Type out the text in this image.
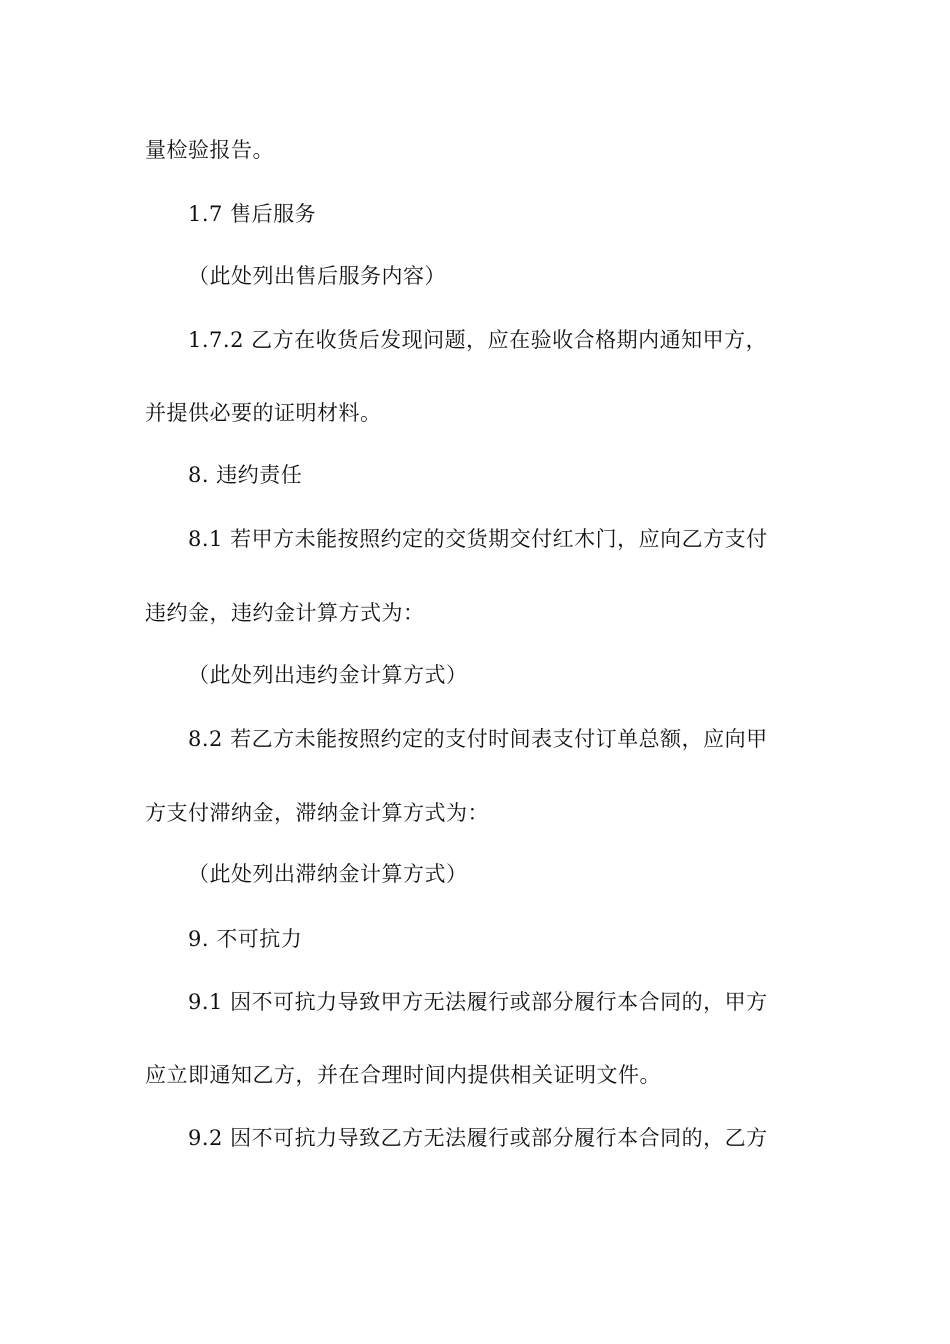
量检验报告。
1.7 售后服务
（此处列出售后服务内容）
1.7.2 乙方在收货后发现问题，应在验收合格期内通知甲方，
并提供必要的证明材料。
8. 违约责任
8.1 若甲方未能按照约定的交货期交付红木门，应向乙方支付
违约金，违约金计算方式为：
（此处列出违约金计算方式）
8.2 若乙方未能按照约定的支付时间表支付订单总额，应向甲
方支付滞纳金，滞纳金计算方式为：
（此处列出滞纳金计算方式）
9. 不可抗力
9.1 因不可抗力导致甲方无法履行或部分履行本合同的，甲方
应立即通知乙方，并在合理时间内提供相关证明文件。
9.2 因不可抗力导致乙方无法履行或部分履行本合同的，乙方
